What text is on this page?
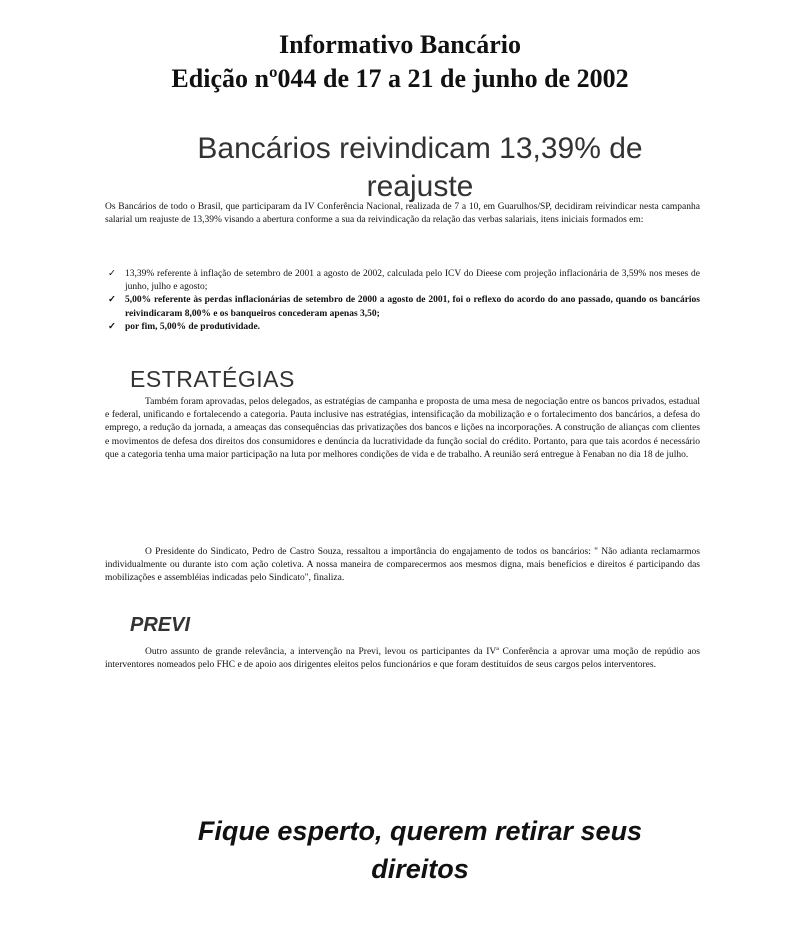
Informativo Bancário
Edição nº044 de 17 a 21 de junho de 2002
Bancários reivindicam 13,39% de reajuste
Os Bancários de todo o Brasil, que participaram da IV Conferência Nacional, realizada de 7 a 10, em Guarulhos/SP, decidiram reivindicar nesta campanha salarial um reajuste de 13,39% visando a abertura conforme a sua da reivindicação da relação das verbas salariais, itens iniciais formados em:
✓ 13,39% referente à inflação de setembro de 2001 a agosto de 2002, calculada pelo ICV do Dieese com projeção inflacionária de 3,59% nos meses de junho, julho e agosto;
✓ 5,00% referente às perdas inflacionárias de setembro de 2000 a agosto de 2001, foi o reflexo do acordo do ano passado, quando os bancários reivindicaram 8,00% e os banqueiros concederam apenas 3,50;
✓ por fim, 5,00% de produtividade.
ESTRATÉGIAS
Também foram aprovadas, pelos delegados, as estratégias de campanha e proposta de uma mesa de negociação entre os bancos privados, estadual e federal, unificando e fortalecendo a categoria. Pauta inclusive nas estratégias, intensificação da mobilização e o fortalecimento dos bancários, a defesa do emprego, a redução da jornada, a ameaças das consequências das privatizações dos bancos e lições na incorporações. A construção de alianças com clientes e movimentos de defesa dos direitos dos consumidores e denúncia da lucratividade da função social do crédito. Portanto, para que tais acordos é necessário que a categoria tenha uma maior participação na luta por melhores condições de vida e de trabalho. A reunião será entregue à Fenaban no dia 18 de julho.
O Presidente do Sindicato, Pedro de Castro Souza, ressaltou a importância do engajamento de todos os bancários: " Não adianta reclamarmos individualmente ou durante isto com ação coletiva. A nossa maneira de comparecermos aos mesmos digna, mais benefícios e direitos é participando das mobilizações e assembléias indicadas pelo Sindicato", finaliza.
PREVI
Outro assunto de grande relevância, a intervenção na Previ, levou os participantes da IVª Conferência a aprovar uma moção de repúdio aos interventores nomeados pelo FHC e de apoio aos dirigentes eleitos pelos funcionários e que foram destituídos de seus cargos pelos interventores.
Fique esperto, querem retirar seus direitos
